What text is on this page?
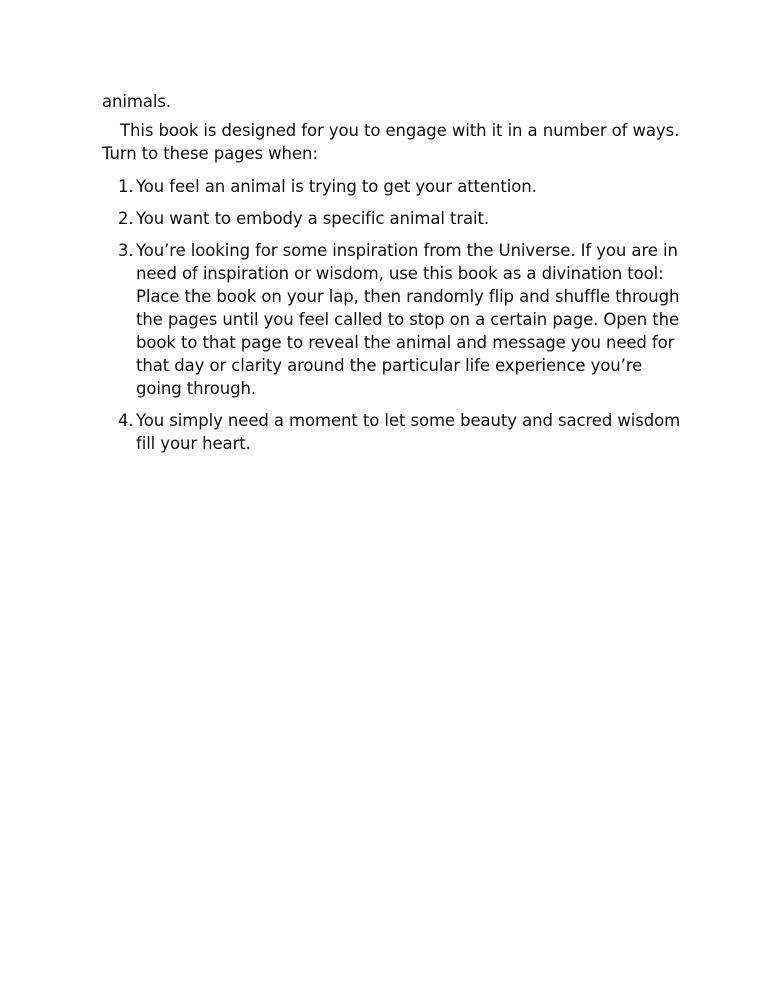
animals.

This book is designed for you to engage with it in a number of ways. Turn to these pages when:

1. You feel an animal is trying to get your attention.
2. You want to embody a specific animal trait.
3. You’re looking for some inspiration from the Universe. If you are in need of inspiration or wisdom, use this book as a divination tool: Place the book on your lap, then randomly flip and shuffle through the pages until you feel called to stop on a certain page. Open the book to that page to reveal the animal and message you need for that day or clarity around the particular life experience you’re going through.
4. You simply need a moment to let some beauty and sacred wisdom fill your heart.
